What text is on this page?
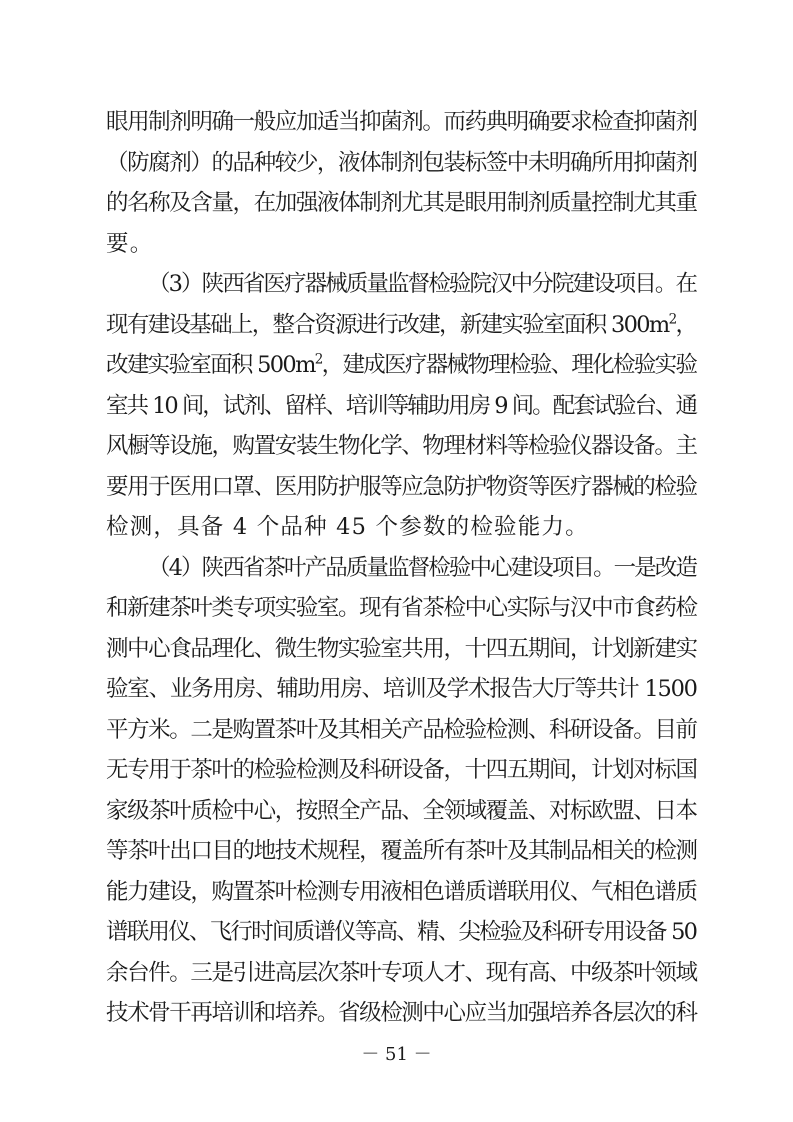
眼用制剂明确一般应加适当抑菌剂。而药典明确要求检查抑菌剂
（防腐剂）的品种较少，液体制剂包装标签中未明确所用抑菌剂
的名称及含量，在加强液体制剂尤其是眼用制剂质量控制尤其重
要。
（3）陕西省医疗器械质量监督检验院汉中分院建设项目。在
现有建设基础上，整合资源进行改建，新建实验室面积 $300m^2$，
改建实验室面积 $500m^2$，建成医疗器械物理检验、理化检验实验
室共 10 间，试剂、留样、培训等辅助用房 9 间。配套试验台、通
风橱等设施，购置安装生物化学、物理材料等检验仪器设备。主
要用于医用口罩、医用防护服等应急防护物资等医疗器械的检验
检测，具备 4 个品种 45 个参数的检验能力。
（4）陕西省茶叶产品质量监督检验中心建设项目。一是改造
和新建茶叶类专项实验室。现有省茶检中心实际与汉中市食药检
测中心食品理化、微生物实验室共用，十四五期间，计划新建实
验室、业务用房、辅助用房、培训及学术报告大厅等共计 1500
平方米。二是购置茶叶及其相关产品检验检测、科研设备。目前
无专用于茶叶的检验检测及科研设备，十四五期间，计划对标国
家级茶叶质检中心，按照全产品、全领域覆盖、对标欧盟、日本
等茶叶出口目的地技术规程，覆盖所有茶叶及其制品相关的检测
能力建设，购置茶叶检测专用液相色谱质谱联用仪、气相色谱质
谱联用仪、飞行时间质谱仪等高、精、尖检验及科研专用设备 50
余台件。三是引进高层次茶叶专项人才、现有高、中级茶叶领域
技术骨干再培训和培养。省级检测中心应当加强培养各层次的科
－ 51 －
